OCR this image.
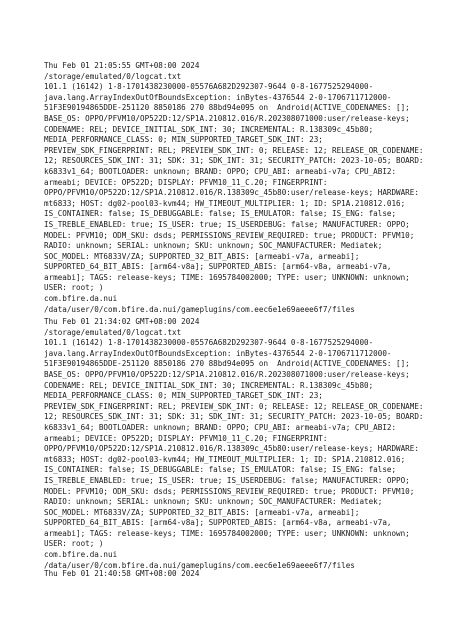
Thu Feb 01 21:05:55 GMT+08:00 2024
/storage/emulated/0/logcat.txt
101.1 (16142) 1-8-1701438230000-05576A682D292307-9644 0-8-1677525294000-
java.lang.ArrayIndexOutOfBoundsException: inBytes-4376544 2-0-1706711712000-
51F3E90194865DDE-251120 8850186 270 88bd94e095 on  Android(ACTIVE_CODENAMES: [];
BASE_OS: OPPO/PFVM10/OP522D:12/SP1A.210812.016/R.202308071000:user/release-keys;
CODENAME: REL; DEVICE_INITIAL_SDK_INT: 30; INCREMENTAL: R.138309c_45b80;
MEDIA_PERFORMANCE_CLASS: 0; MIN_SUPPORTED_TARGET_SDK_INT: 23;
PREVIEW_SDK_FINGERPRINT: REL; PREVIEW_SDK_INT: 0; RELEASE: 12; RELEASE_OR_CODENAME:
12; RESOURCES_SDK_INT: 31; SDK: 31; SDK_INT: 31; SECURITY_PATCH: 2023-10-05; BOARD:
k6833v1_64; BOOTLOADER: unknown; BRAND: OPPO; CPU_ABI: armeabi-v7a; CPU_ABI2:
armeabi; DEVICE: OP522D; DISPLAY: PFVM10_11_C.20; FINGERPRINT:
OPPO/PFVM10/OP522D:12/SP1A.210812.016/R.138309c_45b80:user/release-keys; HARDWARE:
mt6833; HOST: dg02-pool03-kvm44; HW_TIMEOUT_MULTIPLIER: 1; ID: SP1A.210812.016;
IS_CONTAINER: false; IS_DEBUGGABLE: false; IS_EMULATOR: false; IS_ENG: false;
IS_TREBLE_ENABLED: true; IS_USER: true; IS_USERDEBUG: false; MANUFACTURER: OPPO;
MODEL: PFVM10; ODM_SKU: dsds; PERMISSIONS_REVIEW_REQUIRED: true; PRODUCT: PFVM10;
RADIO: unknown; SERIAL: unknown; SKU: unknown; SOC_MANUFACTURER: Mediatek;
SOC_MODEL: MT6833V/ZA; SUPPORTED_32_BIT_ABIS: [armeabi-v7a, armeabi];
SUPPORTED_64_BIT_ABIS: [arm64-v8a]; SUPPORTED_ABIS: [arm64-v8a, armeabi-v7a,
armeabi]; TAGS: release-keys; TIME: 1695784002000; TYPE: user; UNKNOWN: unknown;
USER: root; )
com.bfire.da.nui
/data/user/0/com.bfire.da.nui/gameplugins/com.eec6e1e69aeee6f7/files
Thu Feb 01 21:34:02 GMT+08:00 2024
/storage/emulated/0/logcat.txt
101.1 (16142) 1-8-1701438230000-05576A682D292307-9644 0-8-1677525294000-
java.lang.ArrayIndexOutOfBoundsException: inBytes-4376544 2-0-1706711712000-
51F3E90194865DDE-251120 8850186 270 88bd94e095 on  Android(ACTIVE_CODENAMES: [];
BASE_OS: OPPO/PFVM10/OP522D:12/SP1A.210812.016/R.202308071000:user/release-keys;
CODENAME: REL; DEVICE_INITIAL_SDK_INT: 30; INCREMENTAL: R.138309c_45b80;
MEDIA_PERFORMANCE_CLASS: 0; MIN_SUPPORTED_TARGET_SDK_INT: 23;
PREVIEW_SDK_FINGERPRINT: REL; PREVIEW_SDK_INT: 0; RELEASE: 12; RELEASE_OR_CODENAME:
12; RESOURCES_SDK_INT: 31; SDK: 31; SDK_INT: 31; SECURITY_PATCH: 2023-10-05; BOARD:
k6833v1_64; BOOTLOADER: unknown; BRAND: OPPO; CPU_ABI: armeabi-v7a; CPU_ABI2:
armeabi; DEVICE: OP522D; DISPLAY: PFVM10_11_C.20; FINGERPRINT:
OPPO/PFVM10/OP522D:12/SP1A.210812.016/R.138309c_45b80:user/release-keys; HARDWARE:
mt6833; HOST: dg02-pool03-kvm44; HW_TIMEOUT_MULTIPLIER: 1; ID: SP1A.210812.016;
IS_CONTAINER: false; IS_DEBUGGABLE: false; IS_EMULATOR: false; IS_ENG: false;
IS_TREBLE_ENABLED: true; IS_USER: true; IS_USERDEBUG: false; MANUFACTURER: OPPO;
MODEL: PFVM10; ODM_SKU: dsds; PERMISSIONS_REVIEW_REQUIRED: true; PRODUCT: PFVM10;
RADIO: unknown; SERIAL: unknown; SKU: unknown; SOC_MANUFACTURER: Mediatek;
SOC_MODEL: MT6833V/ZA; SUPPORTED_32_BIT_ABIS: [armeabi-v7a, armeabi];
SUPPORTED_64_BIT_ABIS: [arm64-v8a]; SUPPORTED_ABIS: [arm64-v8a, armeabi-v7a,
armeabi]; TAGS: release-keys; TIME: 1695784002000; TYPE: user; UNKNOWN: unknown;
USER: root; )
com.bfire.da.nui
/data/user/0/com.bfire.da.nui/gameplugins/com.eec6e1e69aeee6f7/files
Thu Feb 01 21:40:58 GMT+08:00 2024
